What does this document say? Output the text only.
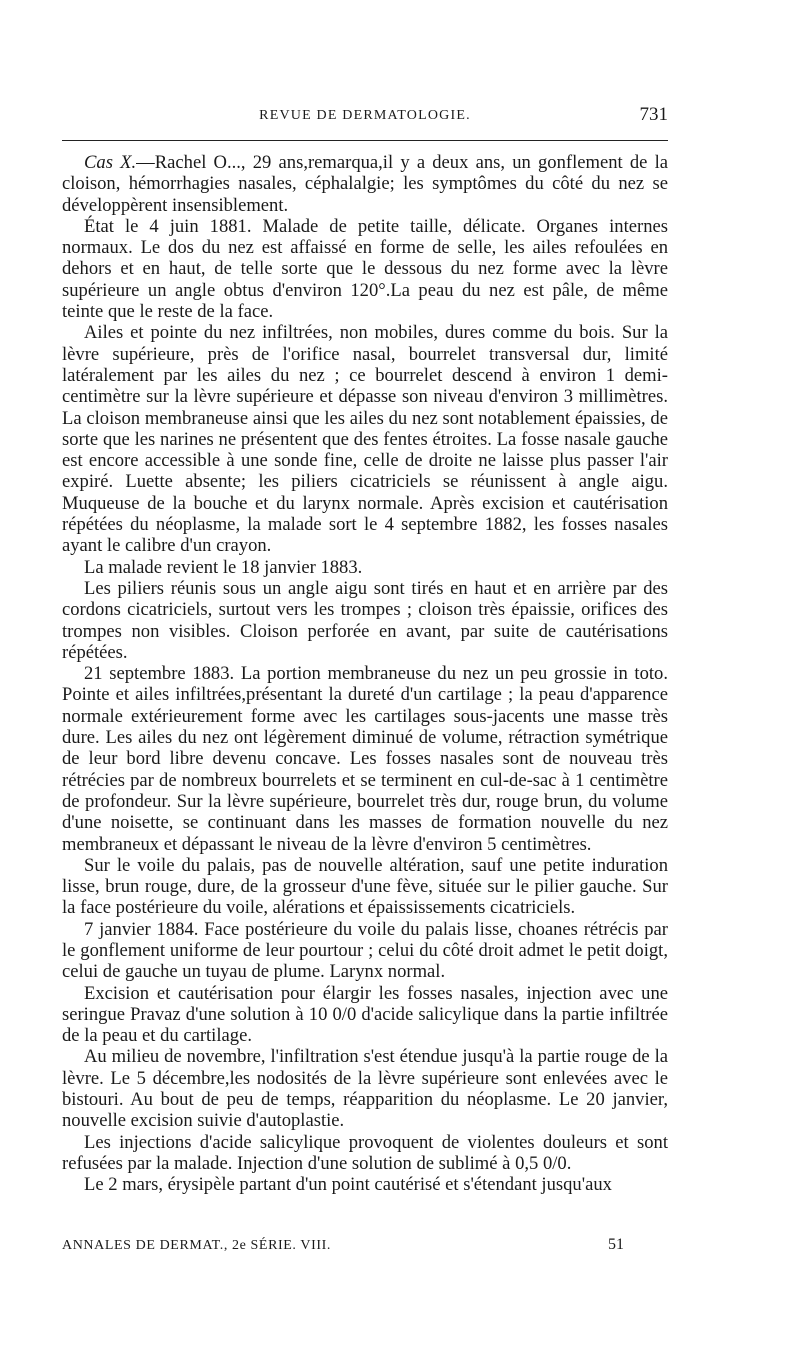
REVUE DE DERMATOLOGIE.	731

Cas X.—Rachel O..., 29 ans,remarqua,il y a deux ans, un gonflement de la cloison, hémorrhagies nasales, céphalalgie; les symptômes du côté du nez se développèrent insensiblement.

État le 4 juin 1881. Malade de petite taille, délicate. Organes internes normaux. Le dos du nez est affaissé en forme de selle, les ailes refoulées en dehors et en haut, de telle sorte que le dessous du nez forme avec la lèvre supérieure un angle obtus d'environ 120°.La peau du nez est pâle, de même teinte que le reste de la face.

Ailes et pointe du nez infiltrées, non mobiles, dures comme du bois. Sur la lèvre supérieure, près de l'orifice nasal, bourrelet transversal dur, limité latéralement par les ailes du nez ; ce bourrelet descend à environ 1 demi-centimètre sur la lèvre supérieure et dépasse son niveau d'environ 3 millimètres. La cloison membraneuse ainsi que les ailes du nez sont notablement épaissies, de sorte que les narines ne présentent que des fentes étroites. La fosse nasale gauche est encore accessible à une sonde fine, celle de droite ne laisse plus passer l'air expiré. Luette absente; les piliers cicatriciels se réunissent à angle aigu. Muqueuse de la bouche et du larynx normale. Après excision et cautérisation répétées du néoplasme, la malade sort le 4 septembre 1882, les fosses nasales ayant le calibre d'un crayon.

La malade revient le 18 janvier 1883.

Les piliers réunis sous un angle aigu sont tirés en haut et en arrière par des cordons cicatriciels, surtout vers les trompes ; cloison très épaissie, orifices des trompes non visibles. Cloison perforée en avant, par suite de cautérisations répétées.

21 septembre 1883. La portion membraneuse du nez un peu grossie in toto. Pointe et ailes infiltrées,présentant la dureté d'un cartilage ; la peau d'apparence normale extérieurement forme avec les cartilages sous-jacents une masse très dure. Les ailes du nez ont légèrement diminué de volume, rétraction symétrique de leur bord libre devenu concave. Les fosses nasales sont de nouveau très rétrécies par de nombreux bourrelets et se terminent en cul-de-sac à 1 centimètre de profondeur. Sur la lèvre supérieure, bourrelet très dur, rouge brun, du volume d'une noisette, se continuant dans les masses de formation nouvelle du nez membraneux et dépassant le niveau de la lèvre d'environ 5 centimètres.

Sur le voile du palais, pas de nouvelle altération, sauf une petite induration lisse, brun rouge, dure, de la grosseur d'une fève, située sur le pilier gauche. Sur la face postérieure du voile, alérations et épaississements cicatriciels.

7 janvier 1884. Face postérieure du voile du palais lisse, choanes rétrécis par le gonflement uniforme de leur pourtour ; celui du côté droit admet le petit doigt, celui de gauche un tuyau de plume. Larynx normal.

Excision et cautérisation pour élargir les fosses nasales, injection avec une seringue Pravaz d'une solution à 10 0/0 d'acide salicylique dans la partie infiltrée de la peau et du cartilage.

Au milieu de novembre, l'infiltration s'est étendue jusqu'à la partie rouge de la lèvre. Le 5 décembre,les nodosités de la lèvre supérieure sont enlevées avec le bistouri. Au bout de peu de temps, réapparition du néoplasme. Le 20 janvier, nouvelle excision suivie d'autoplastie.

Les injections d'acide salicylique provoquent de violentes douleurs et sont refusées par la malade. Injection d'une solution de sublimé à 0,5 0/0.

Le 2 mars, érysipèle partant d'un point cautérisé et s'étendant jusqu'aux

ANNALES DE DERMAT., 2e SÉRIE. VIII.	51
